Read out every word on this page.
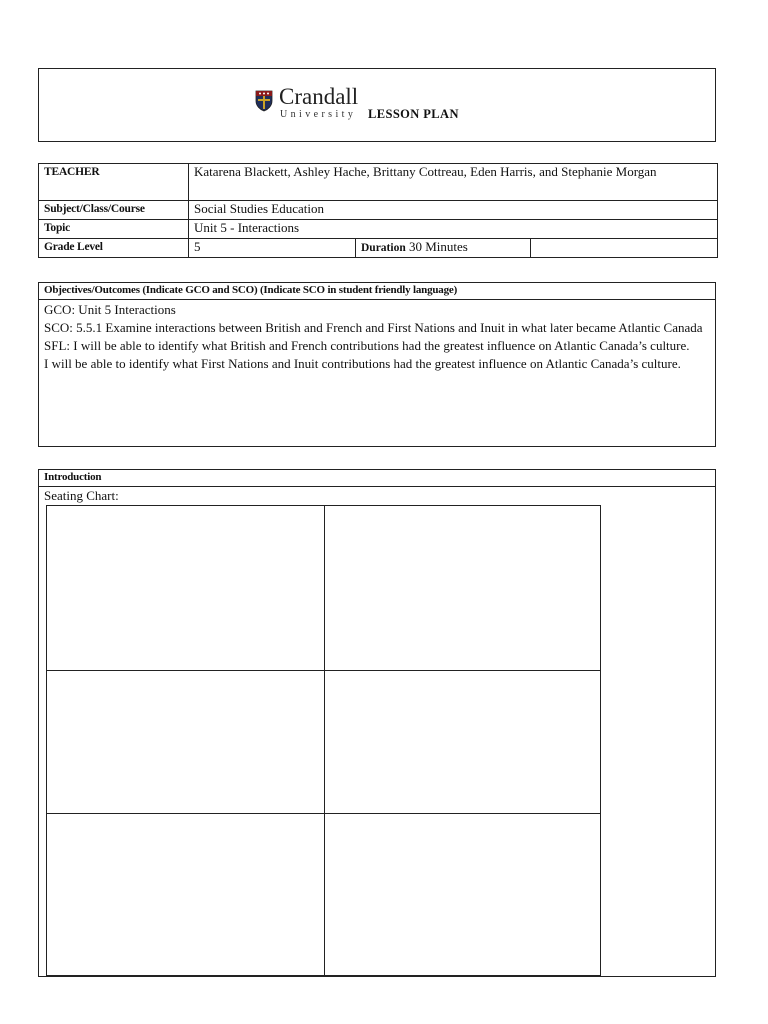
Crandall
University LESSON PLAN
TEACHER	Katarena Blackett, Ashley Hache, Brittany Cottreau, Eden Harris, and Stephanie Morgan		
Subject/Class/Course	Social Studies Education		
Topic	Unit 5 - Interactions		
Grade Level	5	Duration 30 Minutes	
Objectives/Outcomes (Indicate GCO and SCO) (Indicate SCO in student friendly language)
GCO: Unit 5 Interactions
SCO: 5.5.1 Examine interactions between British and French and First Nations and Inuit in what later became Atlantic Canada
SFL: I will be able to identify what British and French contributions had the greatest influence on Atlantic Canada’s culture.
I will be able to identify what First Nations and Inuit contributions had the greatest influence on Atlantic Canada’s culture.
Introduction
Seating Chart:
